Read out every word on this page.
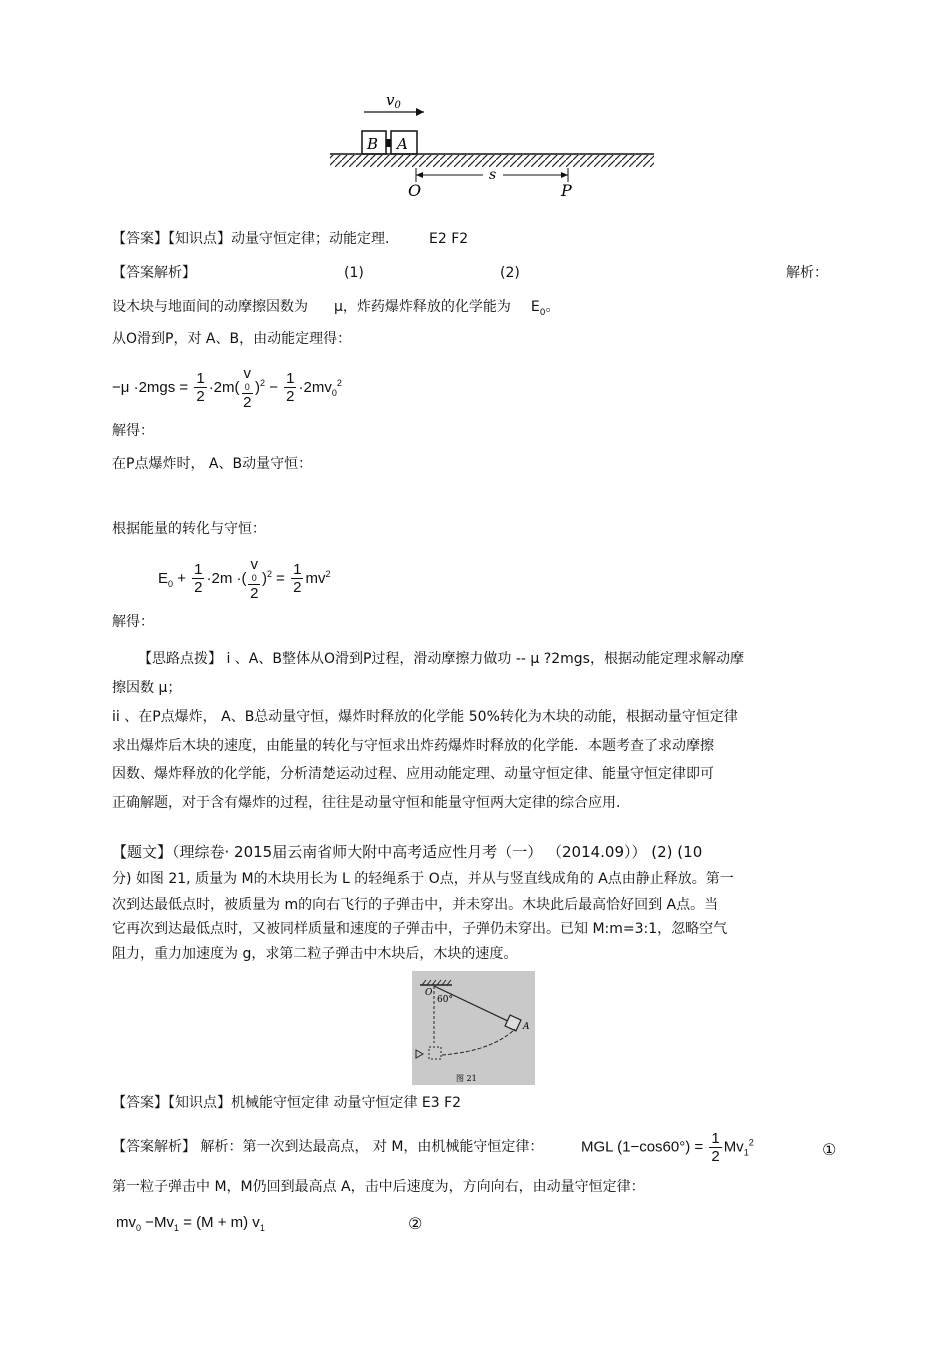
$v_0$
B A
s
O	P
【答案】【知识点】动量守恒定律；动能定理． E2 F2
【答案解析】	(1)	(2)	解析：
设木块与地面间的动摩擦因数为 μ，炸药爆炸释放的化学能为 $E_0$。
从O滑到P，对 A、B，由动能定理得：
$-\mu \cdot 2mgs = \frac{1}{2} \cdot 2m$( v
0
2 )$^2 - \frac{1}{2} \cdot 2mv_0^2$
解得：
在P点爆炸时， A、B动量守恒：
根据能量的转化与守恒：
$E_0 + \frac{1}{2} \cdot 2m$ ·( v
0
2 )$^2 = \frac{1}{2} mv^2$
解得：
【思路点拨】 i 、A、B整体从O滑到P过程，滑动摩擦力做功 -- μ ?2mgs，根据动能定理求解动摩
擦因数 μ；
ii 、在P点爆炸， A、B总动量守恒，爆炸时释放的化学能 50%转化为木块的动能，根据动量守恒定律
求出爆炸后木块的速度，由能量的转化与守恒求出炸药爆炸时释放的化学能．本题考查了求动摩擦
因数、爆炸释放的化学能，分析清楚运动过程、应用动能定理、动量守恒定律、能量守恒定律即可
正确解题，对于含有爆炸的过程，往往是动量守恒和能量守恒两大定律的综合应用．
【题文】（理综卷· 2015届云南省师大附中高考适应性月考（一） （2014.09）） (2) (10
分) 如图 21, 质量为 M的木块用长为 L 的轻绳系于 O点，并从与竖直线成角的 A点由静止释放。第一
次到达最低点时，被质量为 m的向右飞行的子弹击中，并未穿出。木块此后最高恰好回到 A点。当
它再次到达最低点时，又被同样质量和速度的子弹击中，子弹仍未穿出。已知 M:m=3:1，忽略空气
阻力，重力加速度为 g，求第二粒子弹击中木块后，木块的速度。
O
60°
A
图 21
【答案】【知识点】机械能守恒定律 动量守恒定律 E3 F2
【答案解析】 解析：第一次到达最高点， 对 M，由机械能守恒定律：	MGL $(1-\cos 60^\circ) = \frac{1}{2} Mv_1^2$	①
第一粒子弹击中 M，M仍回到最高点 A，击中后速度为，方向向右，由动量守恒定律：
$mv_0 -Mv_1 = (M + m)$ $v_1$	②
